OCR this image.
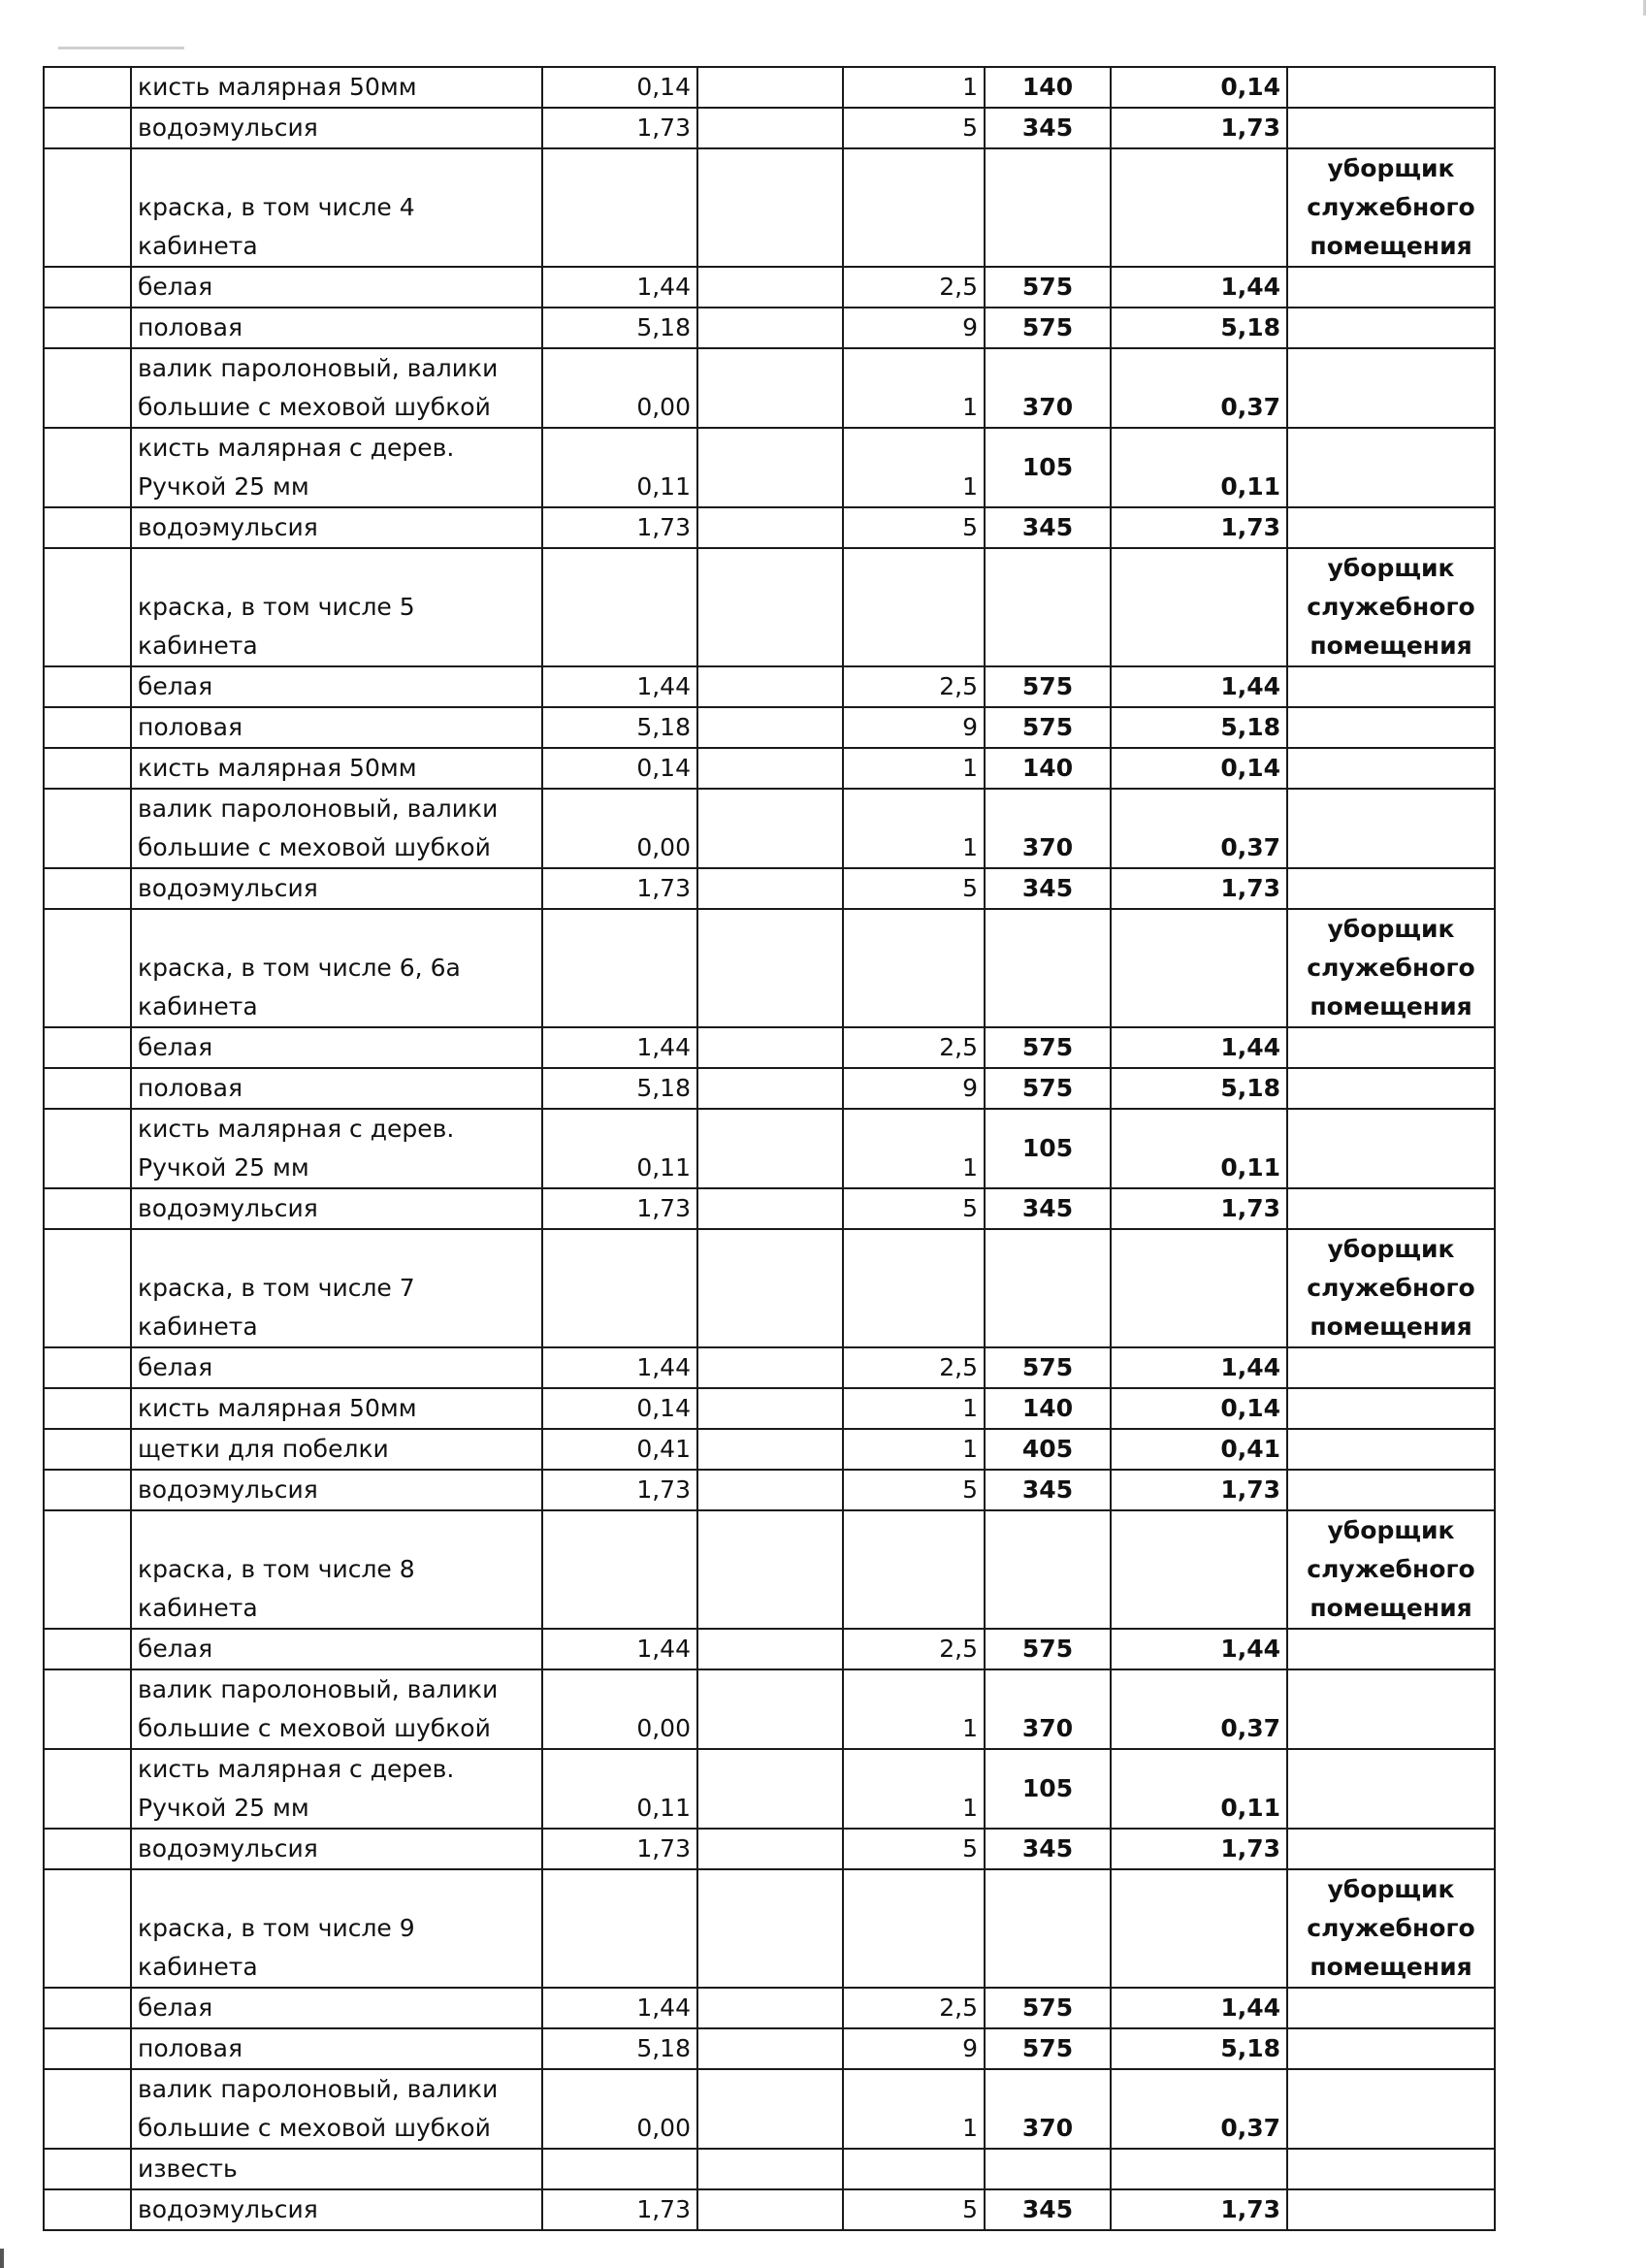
	кисть малярная 50мм	0,14		1	140	0,14	
	водоэмульсия	1,73		5	345	1,73	
	краска, в том числе 4 кабинета						уборщик служебного помещения
	белая	1,44		2,5	575	1,44	
	половая	5,18		9	575	5,18	
	валик паролоновый, валики большие с меховой шубкой	0,00		1	370	0,37	
	кисть малярная с дерев. Ручкой 25 мм	0,11		1	105	0,11	
	водоэмульсия	1,73		5	345	1,73	
	краска, в том числе 5 кабинета						уборщик служебного помещения
	белая	1,44		2,5	575	1,44	
	половая	5,18		9	575	5,18	
	кисть малярная 50мм	0,14		1	140	0,14	
	валик паролоновый, валики большие с меховой шубкой	0,00		1	370	0,37	
	водоэмульсия	1,73		5	345	1,73	
	краска, в том числе 6, 6а кабинета						уборщик служебного помещения
	белая	1,44		2,5	575	1,44	
	половая	5,18		9	575	5,18	
	кисть малярная с дерев. Ручкой 25 мм	0,11		1	105	0,11	
	водоэмульсия	1,73		5	345	1,73	
	краска, в том числе 7 кабинета						уборщик служебного помещения
	белая	1,44		2,5	575	1,44	
	кисть малярная 50мм	0,14		1	140	0,14	
	щетки для побелки	0,41		1	405	0,41	
	водоэмульсия	1,73		5	345	1,73	
	краска, в том числе 8 кабинета						уборщик служебного помещения
	белая	1,44		2,5	575	1,44	
	валик паролоновый, валики большие с меховой шубкой	0,00		1	370	0,37	
	кисть малярная с дерев. Ручкой 25 мм	0,11		1	105	0,11	
	водоэмульсия	1,73		5	345	1,73	
	краска, в том числе 9 кабинета						уборщик служебного помещения
	белая	1,44		2,5	575	1,44	
	половая	5,18		9	575	5,18	
	валик паролоновый, валики большие с меховой шубкой	0,00		1	370	0,37	
	известь						
	водоэмульсия	1,73		5	345	1,73	
